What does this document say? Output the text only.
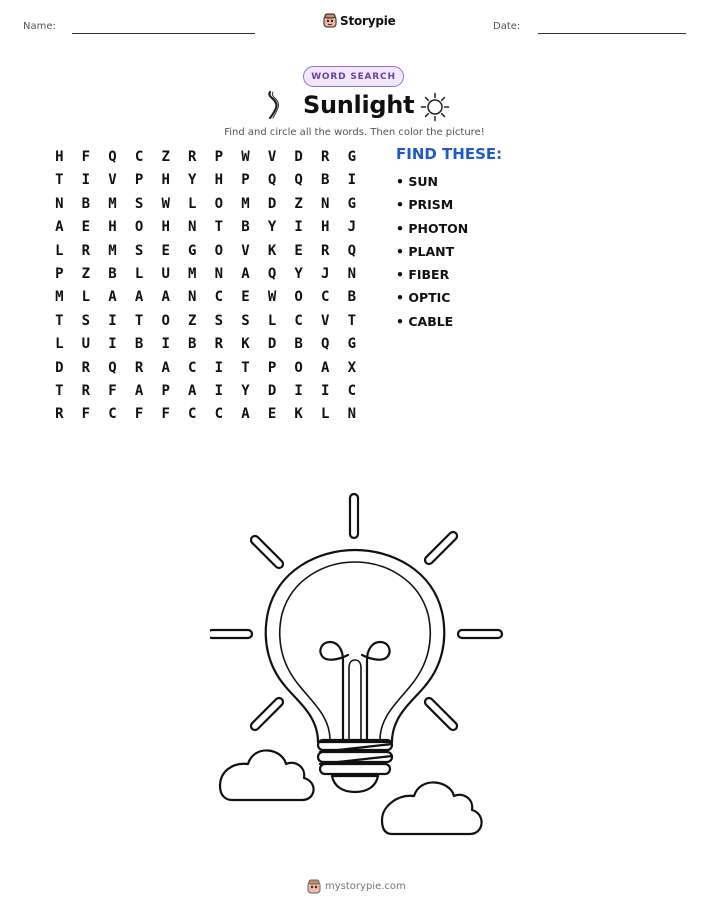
Name:	Storypie	Date:
WORD SEARCH
Sunlight
Find and circle all the words. Then color the picture!
H	F	Q	C	Z	R	P	W	V	D	R	G
T	I	V	P	H	Y	H	P	Q	Q	B	I
N	B	M	S	W	L	O	M	D	Z	N	G
A	E	H	O	H	N	T	B	Y	I	H	J
L	R	M	S	E	G	O	V	K	E	R	Q
P	Z	B	L	U	M	N	A	Q	Y	J	N
M	L	A	A	A	N	C	E	W	O	C	B
T	S	I	T	O	Z	S	S	L	C	V	T
L	U	I	B	I	B	R	K	D	B	Q	G
D	R	Q	R	A	C	I	T	P	O	A	X
T	R	F	A	P	A	I	Y	D	I	I	C
R	F	C	F	F	C	C	A	E	K	L	N
FIND THESE:
• SUN
• PRISM
• PHOTON
• PLANT
• FIBER
• OPTIC
• CABLE
mystorypie.com
